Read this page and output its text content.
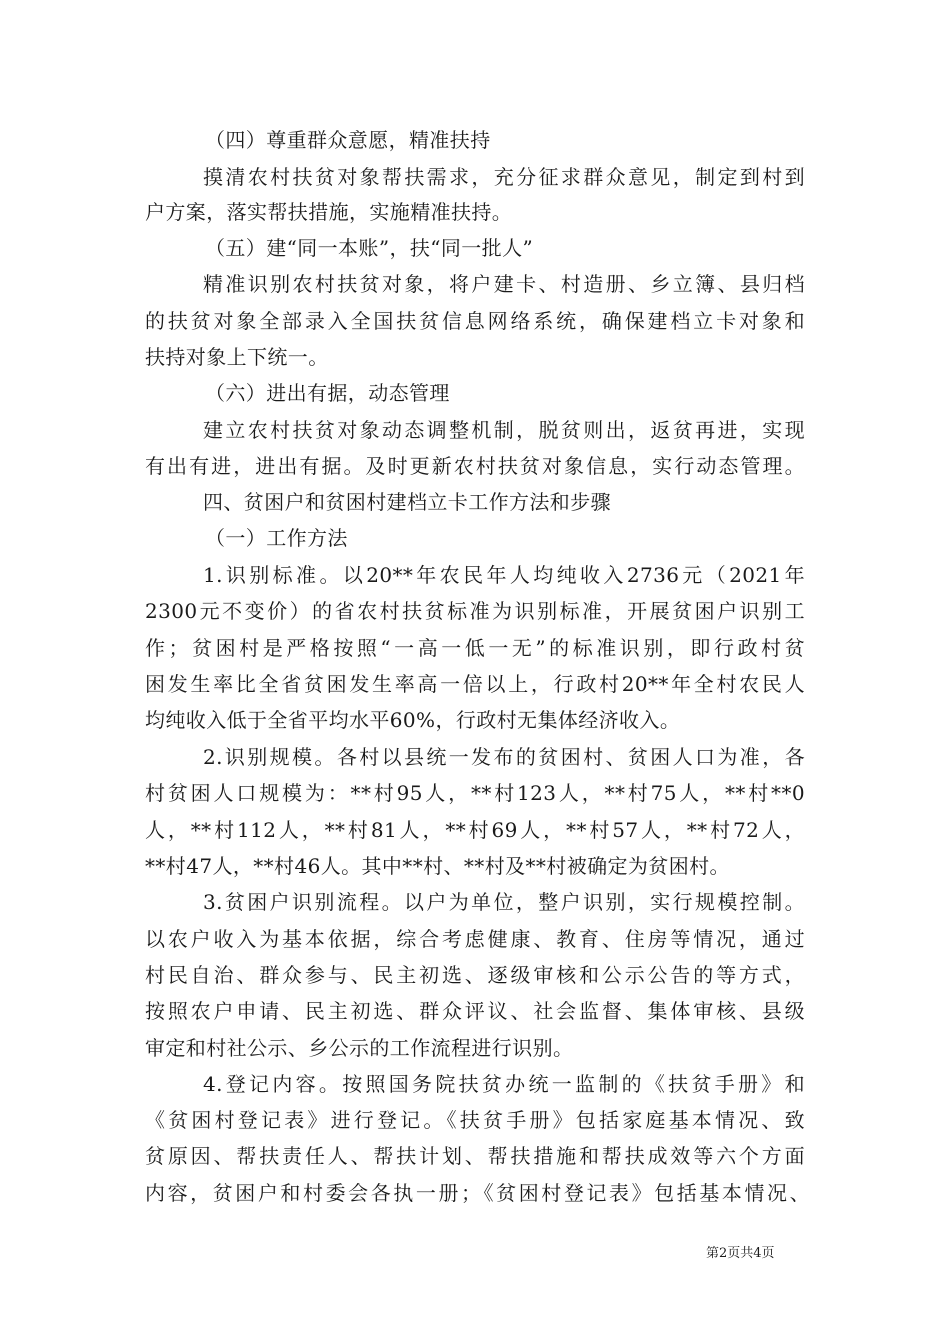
（四）尊重群众意愿，精准扶持
摸清农村扶贫对象帮扶需求，充分征求群众意见，制定到村到
户方案，落实帮扶措施，实施精准扶持。
（五）建“同一本账”，扶“同一批人”
精准识别农村扶贫对象，将户建卡、村造册、乡立簿、县归档
的扶贫对象全部录入全国扶贫信息网络系统，确保建档立卡对象和
扶持对象上下统一。
（六）进出有据，动态管理
建立农村扶贫对象动态调整机制，脱贫则出，返贫再进，实现
有出有进，进出有据。及时更新农村扶贫对象信息，实行动态管理。
四、贫困户和贫困村建档立卡工作方法和步骤
（一）工作方法
1.识别标准。以20**年农民年人均纯收入2736元（2021年
2300元不变价）的省农村扶贫标准为识别标准，开展贫困户识别工
作；贫困村是严格按照“一高一低一无”的标准识别，即行政村贫
困发生率比全省贫困发生率高一倍以上，行政村20**年全村农民人
均纯收入低于全省平均水平60%，行政村无集体经济收入。
2.识别规模。各村以县统一发布的贫困村、贫困人口为准，各
村贫困人口规模为：**村95人，**村123人，**村75人，**村**0
人，**村112人，**村81人，**村69人，**村57人，**村72人，
**村47人，**村46人。其中**村、**村及**村被确定为贫困村。
3.贫困户识别流程。以户为单位，整户识别，实行规模控制。
以农户收入为基本依据，综合考虑健康、教育、住房等情况，通过
村民自治、群众参与、民主初选、逐级审核和公示公告的等方式，
按照农户申请、民主初选、群众评议、社会监督、集体审核、县级
审定和村社公示、乡公示的工作流程进行识别。
4.登记内容。按照国务院扶贫办统一监制的《扶贫手册》和
《贫困村登记表》进行登记。《扶贫手册》包括家庭基本情况、致
贫原因、帮扶责任人、帮扶计划、帮扶措施和帮扶成效等六个方面
内容，贫困户和村委会各执一册；《贫困村登记表》包括基本情况、
第2页共4页
